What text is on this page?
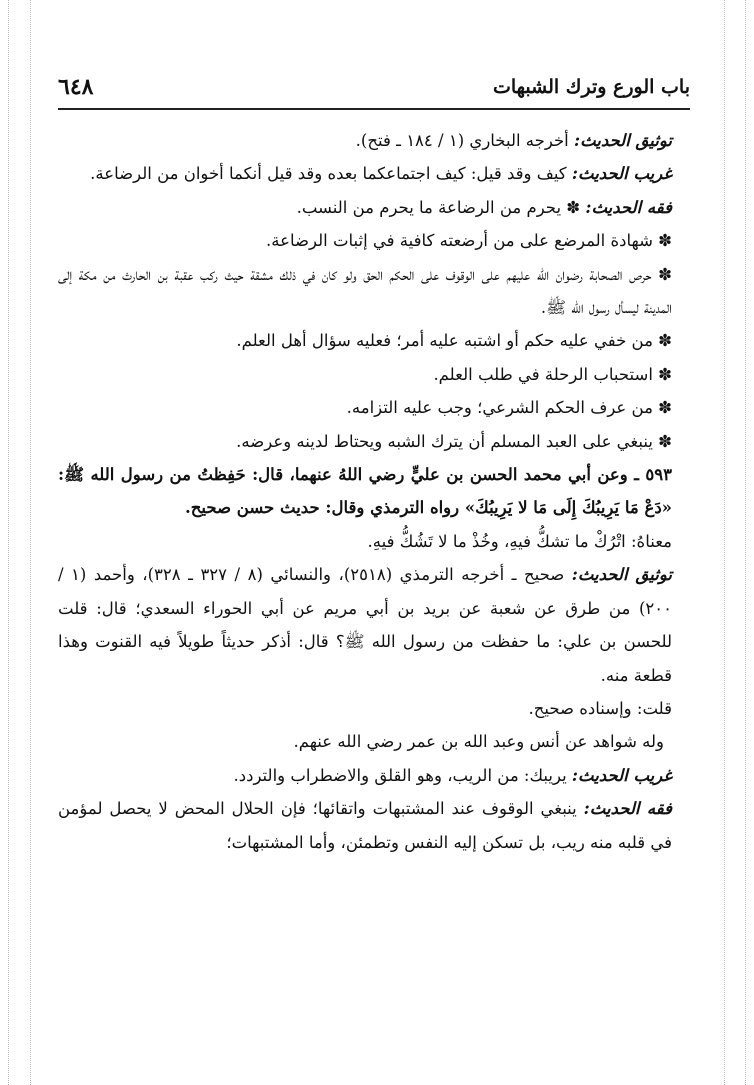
باب الورع وترك الشبهات
٦٤٨

توثيق الحديث: أخرجه البخاري (١ / ١٨٤ ـ فتح).

غريب الحديث: كيف وقد قيل: كيف اجتماعكما بعده وقد قيل أنكما أخوان من الرضاعة.

فقه الحديث: ✽ يحرم من الرضاعة ما يحرم من النسب.

✽ شهادة المرضع على من أرضعته كافية في إثبات الرضاعة.

✽ حرص الصحابة رضوان الله عليهم على الوقوف على الحكم الحق ولو كان في ذلك مشقة حيث ركب عقبة بن الحارث من مكة إلى المدينة ليسأل رسول الله ﷺ.

✽ من خفي عليه حكم أو اشتبه عليه أمر؛ فعليه سؤال أهل العلم.

✽ استحباب الرحلة في طلب العلم.

✽ من عرف الحكم الشرعي؛ وجب عليه التزامه.

✽ ينبغي على العبد المسلم أن يترك الشبه ويحتاط لدينه وعرضه.

٥٩٣ ـ وعن أبي محمد الحسن بن عليٍّ رضي اللهُ عنهما، قال: حَفِظتُ من رسول الله ﷺ: «دَعْ مَا يَرِيبُكَ إِلَى مَا لا يَرِيبُكَ» رواه الترمذي وقال: حديث حسن صحيح.

معناهُ: اتْرُكْ ما تشكُّ فيهِ، وخُذْ ما لا تَشُكُّ فيهِ.

توثيق الحديث: صحيح ـ أخرجه الترمذي (٢٥١٨)، والنسائي (٨ / ٣٢٧ ـ ٣٢٨)، وأحمد (١ / ٢٠٠) من طرق عن شعبة عن بريد بن أبي مريم عن أبي الحوراء السعدي؛ قال: قلت للحسن بن علي: ما حفظت من رسول الله ﷺ؟ قال: أذكر حديثاً طويلاً فيه القنوت وهذا قطعة منه.

قلت: وإسناده صحيح.

وله شواهد عن أنس وعبد الله بن عمر رضي الله عنهم.

غريب الحديث: يريبك: من الريب، وهو القلق والاضطراب والتردد.

فقه الحديث: ينبغي الوقوف عند المشتبهات واتقائها؛ فإن الحلال المحض لا يحصل لمؤمن في قلبه منه ريب، بل تسكن إليه النفس وتطمئن، وأما المشتبهات؛
